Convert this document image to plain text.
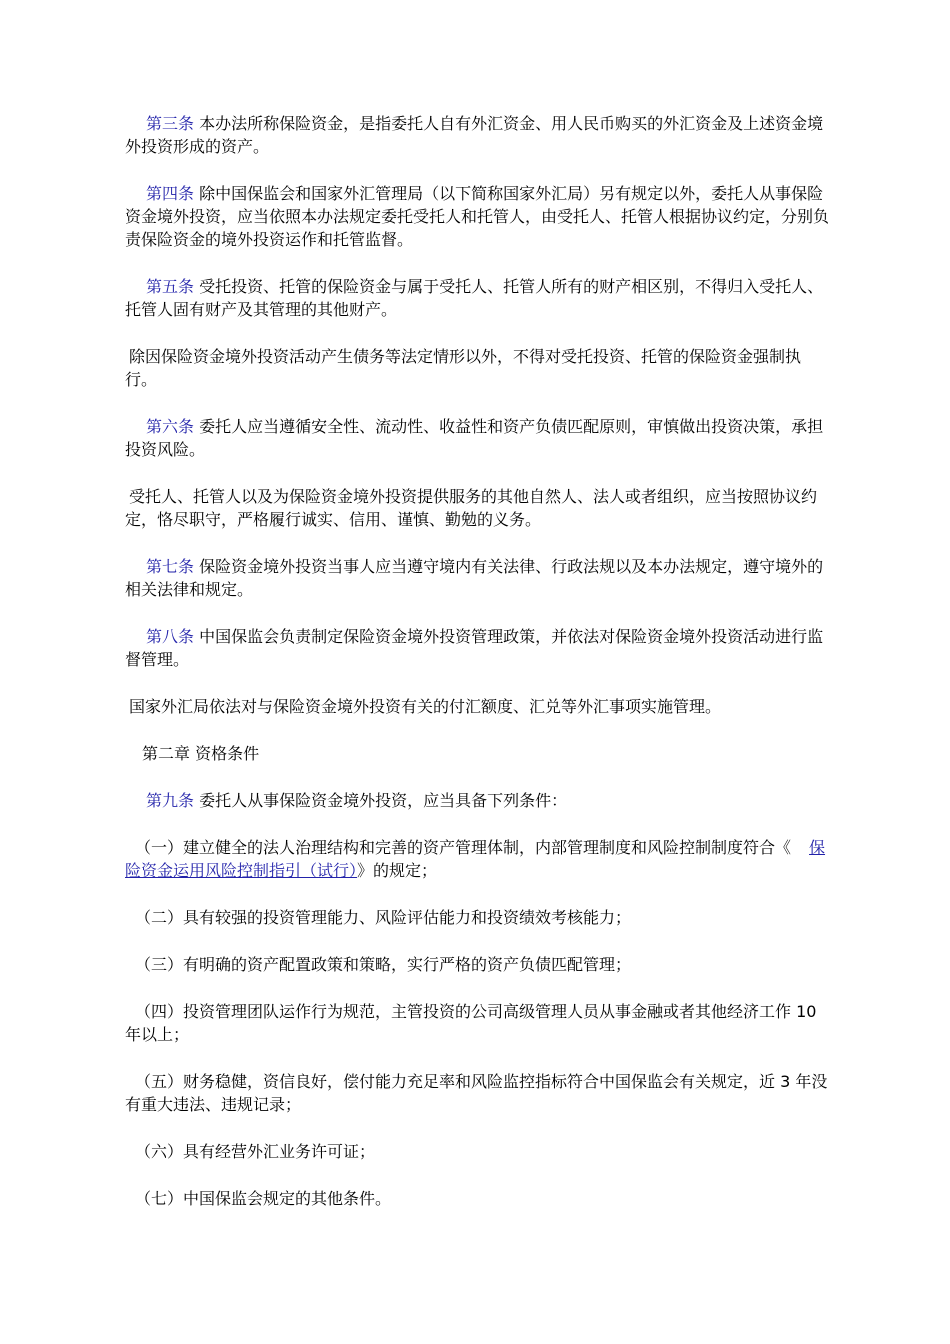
第三条 本办法所称保险资金，是指委托人自有外汇资金、用人民币购买的外汇资金及上述资金境外投资形成的资产。

第四条 除中国保监会和国家外汇管理局（以下简称国家外汇局）另有规定以外，委托人从事保险资金境外投资，应当依照本办法规定委托受托人和托管人，由受托人、托管人根据协议约定，分别负责保险资金的境外投资运作和托管监督。

第五条 受托投资、托管的保险资金与属于受托人、托管人所有的财产相区别，不得归入受托人、托管人固有财产及其管理的其他财产。

除因保险资金境外投资活动产生债务等法定情形以外，不得对受托投资、托管的保险资金强制执行。

第六条 委托人应当遵循安全性、流动性、收益性和资产负债匹配原则，审慎做出投资决策，承担投资风险。

受托人、托管人以及为保险资金境外投资提供服务的其他自然人、法人或者组织，应当按照协议约定，恪尽职守，严格履行诚实、信用、谨慎、勤勉的义务。

第七条 保险资金境外投资当事人应当遵守境内有关法律、行政法规以及本办法规定，遵守境外的相关法律和规定。

第八条 中国保监会负责制定保险资金境外投资管理政策，并依法对保险资金境外投资活动进行监督管理。

国家外汇局依法对与保险资金境外投资有关的付汇额度、汇兑等外汇事项实施管理。

第二章 资格条件

第九条 委托人从事保险资金境外投资，应当具备下列条件：

（一）建立健全的法人治理结构和完善的资产管理体制，内部管理制度和风险控制制度符合《 保险资金运用风险控制指引（试行）》的规定；

（二）具有较强的投资管理能力、风险评估能力和投资绩效考核能力；

（三）有明确的资产配置政策和策略，实行严格的资产负债匹配管理；

（四）投资管理团队运作行为规范，主管投资的公司高级管理人员从事金融或者其他经济工作 10 年以上；

（五）财务稳健，资信良好，偿付能力充足率和风险监控指标符合中国保监会有关规定，近 3 年没有重大违法、违规记录；

（六）具有经营外汇业务许可证；

（七）中国保监会规定的其他条件。
